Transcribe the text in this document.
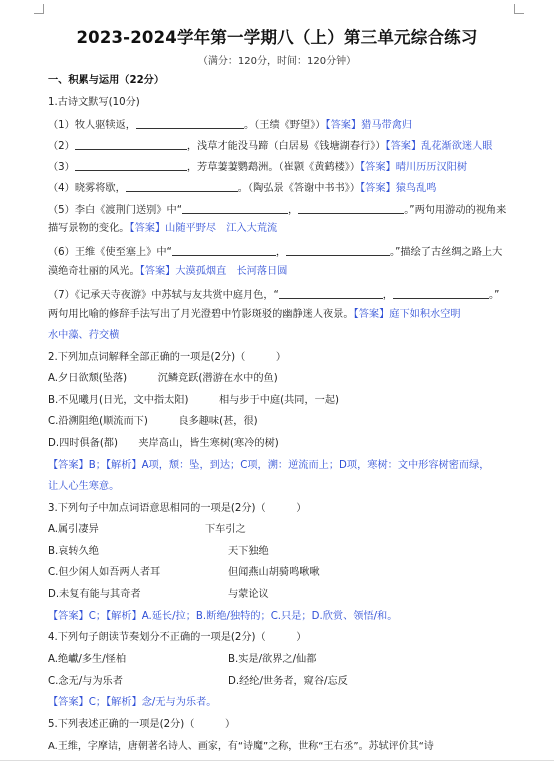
2023-2024学年第一学期八（上）第三单元综合练习
（满分：120分，时间：120分钟）
一、积累与运用（22分）
1.古诗文默写(10分)
（1）牧人驱犊返，	。（王绩《野望》）【答案】猎马带禽归
（2）	，浅草才能没马蹄（白居易《钱塘湖春行》）【答案】乱花渐欲迷人眼
（3）	，芳草萋萋鹦鹉洲。（崔颢《黄鹤楼》）【答案】晴川历历汉阳树
（4）晓雾将歇，	。（陶弘景《答谢中书书》）【答案】猿鸟乱鸣
（5）李白《渡荆门送别》中“	，	。”两句用游动的视角来
描写景物的变化。【答案】山随平野尽　江入大荒流
（6）王维《使至塞上》中“	，	。”描绘了古丝绸之路上大
漠绝奇壮丽的风光。【答案】大漠孤烟直　长河落日圆
（7）《记承天寺夜游》中苏轼与友共赏中庭月色，“	，	。”
两句用比喻的修辞手法写出了月光澄碧中竹影斑驳的幽静迷人夜景。【答案】庭下如积水空明
水中藻、荇交横
2.下列加点词解释全部正确的一项是(2分)（　　　）
A.夕日欲颓(坠落)　　　沉鳞竞跃(潜游在水中的鱼)
B.不见曦月(日光，文中指太阳)　　　相与步于中庭(共同，一起)
C.沿溯阻绝(顺流而下)　　　良多趣味(甚，很)
D.四时俱备(都)　　夹岸高山，皆生寒树(寒冷的树)
【答案】B；【解析】A项，颓：坠，到达；C项，溯：逆流而上；D项，寒树：文中形容树密而绿，
让人心生寒意。
3.下列句子中加点词语意思相同的一项是(2分)（　　　）
A.属引凄异	下车引之
B.哀转久绝	天下独绝
C.但少闲人如吾两人者耳	但闻燕山胡骑鸣啾啾
D.未复有能与其奇者	与蒙论议
【答案】C；【解析】A.延长/拉；B.断绝/独特的；C.只是；D.欣赏、领悟/和。
4.下列句子朗读节奏划分不正确的一项是(2分)（　　　）
A.绝巘/多生/怪柏	B.实是/欲界之/仙都
C.念无/与为乐者	D.经纶/世务者，窥谷/忘反
【答案】C；【解析】念/无与为乐者。
5.下列表述正确的一项是(2分)（　　　）
A.王维，字摩诘，唐朝著名诗人、画家，有“诗魔”之称，世称“王右丞”。苏轼评价其“诗
